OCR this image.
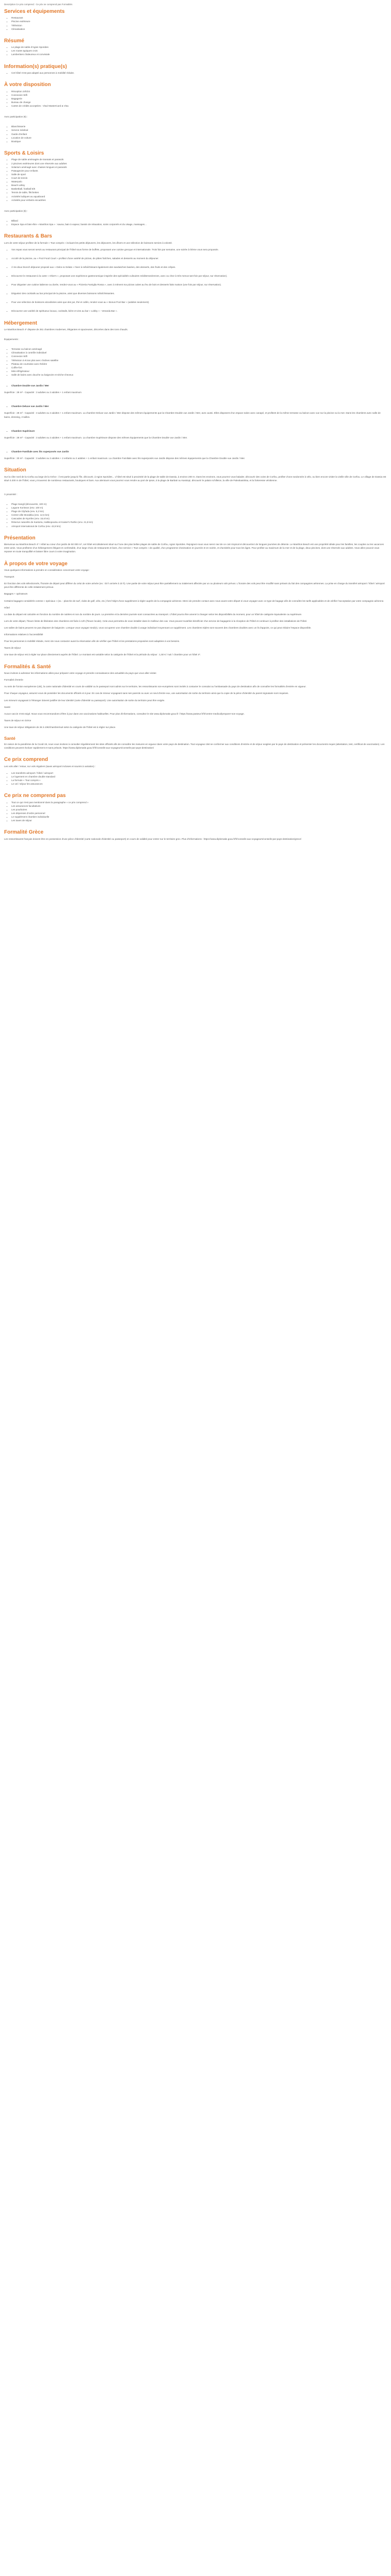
Description Ce prix comprend : Ce prix ne comprend pas Formalités
Services et équipements
▪ Restaurant
▪ Piscine extérieure
▪ Télévision
▪ Climatisation
Résumé
▪ Le plage de sable d'Agios Sporides
▪ Les routes typiques crois
▪ Lambertses chaleureux et conviviale
Information(s) pratique(s)
▪ Cet hôtel n'est pas adapté aux personnes à mobilité réduite.
À votre disposition
▪ Réception 24h/24
▪ Connexion Wifi
▪ Bagagerie
▪ Bureau de change
▪ Cartes de crédits acceptées : Visa/ MasterCard & Visa
Avec participation (€) :
▪ Blanchisserie
▪ Service médical
▪ Garde d'enfant
▪ Location de voiture
▪ Boutique
Sports & Loisirs
▪ Plage de sable aménagée de transats et parasols
▪ 2 piscines extérieures dont une réservée aux adultes
▪ Solarium aménagé avec chaises longues et parasols
▪ Pataugeoire pour enfants
▪ Salle de sport
▪ Court de tennis
▪ Waterpolo
▪ Beach-volley
▪ Basketball, football 5/5
▪ Tennis de table, fléchettes
▪ Activités ludiques au aquaboard
▪ Activités pour enfants encadrées
Avec participation (€) :
▪ Billard
▪ Espace Spa et bien-être « Manthos Spa » : sauna, bain à vapeur, bassin de relaxation, soins corporels et du visage, massages...
Restaurants & Bars
Lors de votre séjour profitez de la formule « Tout compris » incluant les petits déjeuners, les déjeuners, les dîners et une sélection de boissons servies à volonté.
▪ Vos repas vous seront servis au restaurant principal de l'hôtel sous forme de buffets, proposant une cuisine grecque et internationale. Trois fois par semaine, une soirée à thème vous sera proposée.
▪ Accolé de la piscine, au « Pool Food Court » profitez d'une variété de pizzas, de pâtes fraîches, salades et desserts au moment du déjeuner.
▪ À tre-doux brunch déjeuner proposé aux « Dolce & Gelato » hiver à rafraîchissant également des sandwiches basées, des desserts, des fruits et des crêpes.
▪ Découvrez le restaurant à la carte « Olive's », proposant une expérience gastronomique inspirée des spécialités culinaires méditerranéennes, avec ou chez à très menus tant fois par séjour, sur réservation).
▪ Pour déguster une cuisine italienne ou dorée, rendez-vous au « Pizzeria Famiglia Rossa », avec à mènent ma pizzas cuites au feu de bois et desserts faits maison (une fois par séjour, sur réservation).
▪ Dégustez des cocktails au bar principal de la piscine, ainsi que diverses boissons rafraîchissantes.
▪ Pour une sélection de boissons alcoolisées ainsi que des jus, thé et cafés, rendez-vous au « Bonus Pool Bar » (adultes seulement).
▪ Découvrez une variété de spiritueux locaux, cocktails, bière et vins au bar « Lobby » - Veranda Bar ».
Hébergement
Le Manthos Beach 4* dispose de 261 chambres modernes, élégantes et spacieuses, décorées dans des tons chauds.
Équipements :
▪ Terrasse ou balcon aménagé
▪ Climatisation à contrôle individuel
▪ Connexion Wifi
▪ Télévision à écran plat avec chaînes satellite
▪ Plateau de courtoisie avec théière
▪ Coffre-fort
▪ Mini-réfrigérateur
▪ Salle de bains avec douche ou baignoire et sèche-cheveux
▪ Chambre Double vue Jardin / Mer
Superficie : 28 m² - Capacité : 3 adultes ou 2 adultes + 1 enfant maximum
▪ Chambre Deluxe vue Jardin / Mer
Superficie : 28 m² - Capacité : 3 adultes ou 2 adultes + 1 enfant maximum. La chambre Deluxe vue Jardin / Mer dispose des mêmes équipements que la Chambre Double vue Jardin / Mer, avec aussi. Elles disposent d'un espace salon avec canapé, et profitent de la même terrasse ou balcon avec vue sur la piscine ou la mer. Dans les chambres avec salle de bains, dressing, 2 tailles.
▪ Chambre Supérieure
Superficie : 28 m² - Capacité : 3 adultes ou 2 adultes + 1 enfant maximum. La chambre Supérieure dispose des mêmes équipements que la Chambre Double vue Jardin / Mer.
▪ Chambre Familiale avec lits superposés vue Jardin
Superficie : 33 m² - Capacité : 3 adultes ou 2 adultes + 2 enfants ou 2 adultes + 1 enfant maximum. La chambre Familiale avec lits superposés vue Jardin dispose des mêmes équipements que la Chambre Double vue Jardin / Mer.
Situation
Sur la côte nord de la Corfou au large de la Grèce : il est partie jusqu'à l'île, découvrir, à Agios Sporides... L'hôtel est situé à proximité de la plage de sable de Dassia, à environ 200 m. Dans les environs, vous pourrez vous balader, découvrir des coins de Corfou, profiter d'une randonnée à vélo, ou bien encore visiter la vieille ville de Corfou. Le village de Dassia est situé à 200 m de l'hôtel, vous y trouverez de nombreux restaurants, boutiques et bars. Aux alentours vous pourrez vous rendre au port de Ipsos, à la plage de Barbati ou Kassiopi, découvrir le palais Achilleion, la ville de Paleokastritsa, et la forteresse vénitienne.
À proximité :
▪ Plage Sangli (découverte, 100 m)
▪ Lagune Korisson (env. 100 m)
▪ Plage de Glyfada (env. 5,2 km)
▪ Centre-ville Moraitika (env. 12,5 km)
▪ Cascades de Nymfes (env. 15,6 km)
▪ Réserve naturelle de Kastoria, Halikiopoulou et Kaiser's Ruthio (env. 21,5 km)
▪ Aéroport international de Corfou (env. 42,8 km)
Présentation
Bienvenue au Manthos Beach 4* ! Hôtel au cœur d'un jardin de 50 000 m², cet hôtel est idéalement situé sur l'une des plus belles plages de sable de Corfou, Agios Sporides. Rejoignez-nous vous serez ravi de ce coin tropical et découvrirez de longues journées de détente. Le Manthos Beach est une propriété idéale pour les familles, les couples ou les vacances entre amis. Vous profiterez d'un hébergement élégant et confortable, d'un large choix de restaurants et bars, d'un service « Tout compris » de qualité, d'un programme d'animation en journée et en soirée, et d'activités pour tous les âges. Pour profiter au maximum de la mer et de la plage, deux piscines, dont une réservée aux adultes. Vous allez pouvoir vous reposer en toute tranquillité et laisser libre cours à votre imagination.
À propos de votre voyage
Vous quelques informations à prendre en considération concernant votre voyage :
Transport
En fonction des vols sélectionnés, l'horaire de départ peut différer du celui de votre arrivée (ex : 03 h arrivée à 10 h). Une partie de votre séjour peut être partiellement ou totalement affectée par un ou plusieurs vols prévus. L'horaire des vols peut être modifié sans préavis du fait des compagnies aériennes. La prise en charge du transfert aéroport / hôtel / aéroport peut être différente de celle initialement prévue.
Bagages + opérateurs
Certains bagages considérés comme « spéciaux » (ex. : planche de surf, clubs de golf, vélo, etc.) font l'objet d'une supplément à régler auprès de la compagnie aérienne. Merci de prendre contact avec nous avant votre départ si vous voyagez avec ce type de bagage afin de connaître les tarifs applicables et de vérifier l'acceptation par votre compagnie aérienne.
Hôtel
La date du départ est calculée en fonction du nombre de nuitées et non du nombre de jours. La première et la dernière journée sont consacrées au transport. L'hôtel pourra être amené à changer selon les disponibilités du moment, pour un hôtel de catégorie équivalente ou supérieure.
Lors de votre départ, l'heure limite de libération des chambres est fixée à 12h (l'heure locale). Cela vous permettra de vous installer dans le meilleur des cas. Vous pouvez toutefois bénéficier d'un service de bagagerie à la réception de l'hôtel et continuer à profiter des installations de l'hôtel.
Les salles de bains peuvent ne pas disposer de baignoire. Lorsque vous voyagez seul(e), vous occuperez une chambre double à usage individuel moyennant un supplément. Les chambres triples sont souvent des chambres doubles avec un lit d'appoint, ce qui peut réduire l'espace disponible.
Informations relatives à l'accessibilité
Pour les personnes à mobilité réduite, merci de nous contacter avant la réservation afin de vérifier que l'hôtel et les prestations proposées sont adaptées à vos besoins.
Taxes de séjour
Une taxe de séjour est à régler sur place directement auprès de l'hôtel. Le montant est variable selon la catégorie de l'hôtel et la période du séjour : 1,50 € / nuit / chambre pour un hôtel 4*.
Formalités & Santé
Nous invitons à adresser les informations utiles pour préparer votre voyage et prendre connaissance des actualités du pays que vous allez visiter.
Formalité d'entrée
Au sein de l'Union européenne (UE), la carte nationale d'identité en cours de validité ou le passeport sont admis sur le territoire, les ressortissants non-européens sont invités à contacter le consulat ou l'ambassade du pays de destination afin de connaître les formalités d'entrée en vigueur.
Pour chaque voyageur, assurez-vous de posséder les documents officiels et à jour. En cas de mineur voyageant sans ses parents ou avec un seul d'entre eux, une autorisation de sortie du territoire ainsi que la copie de la pièce d'identité du parent signataire sont requises.
Les mineurs voyageant à l'étranger doivent justifier de leur identité (carte d'identité ou passeport). Une autorisation de sortie du territoire peut être exigée.
Santé
Aucun vaccin n'est exigé. Nous vous recommandons d'être à jour dans vos vaccinations habituelles. Pour plus d'informations, consultez le site www.diplomatie.gouv.fr / https://www.pasteur.fr/fr/centre-medical/preparer-son-voyage.
Taxes de séjour en Grèce
Une taxe de séjour obligatoire de 2€ à 10€/chambre/nuit selon la catégorie de l'hôtel est à régler sur place.
Santé
En raison de la pandémie de la Covid-19, nous vous invitons à consulter régulièrement les sites officiels afin de connaître les mesures en vigueur dans votre pays de destination. Tout voyageur doit se conformer aux conditions d'entrée et de séjour exigées par le pays de destination et présenter les documents requis (attestation, test, certificat de vaccination). Les conditions peuvent évoluer rapidement et sans préavis. https://www.diplomatie.gouv.fr/fr/conseils-aux-voyageurs/conseils-par-pays-destination/
Ce prix comprend
Les vols aller / retour, sur vols réguliers (taxes aéroport incluses et soumis à variation) :
▪ Les transferts aéroport / hôtel / aéroport
▪ Le logement en chambre double standard
▪ La formule « Tout compris »
▪ Le vol / séjour les assurances
Ce prix ne comprend pas
▪ Tout ce qui n'est pas mentionné dans la paragraphe « ce prix comprend »
▪ Les assurances facultatives
▪ Les pourboires
▪ Les dépenses d'ordre personnel
▪ Le supplément chambre individuelle
▪ Les taxes de séjour
Formalité Grèce
Les ressortissants français doivent être en possession d'une pièce d'identité (carte nationale d'identité ou passeport) en cours de validité pour entrer sur le territoire grec. Plus d'informations : https://www.diplomatie.gouv.fr/fr/conseils-aux-voyageurs/conseils-par-pays-destination/grece/
